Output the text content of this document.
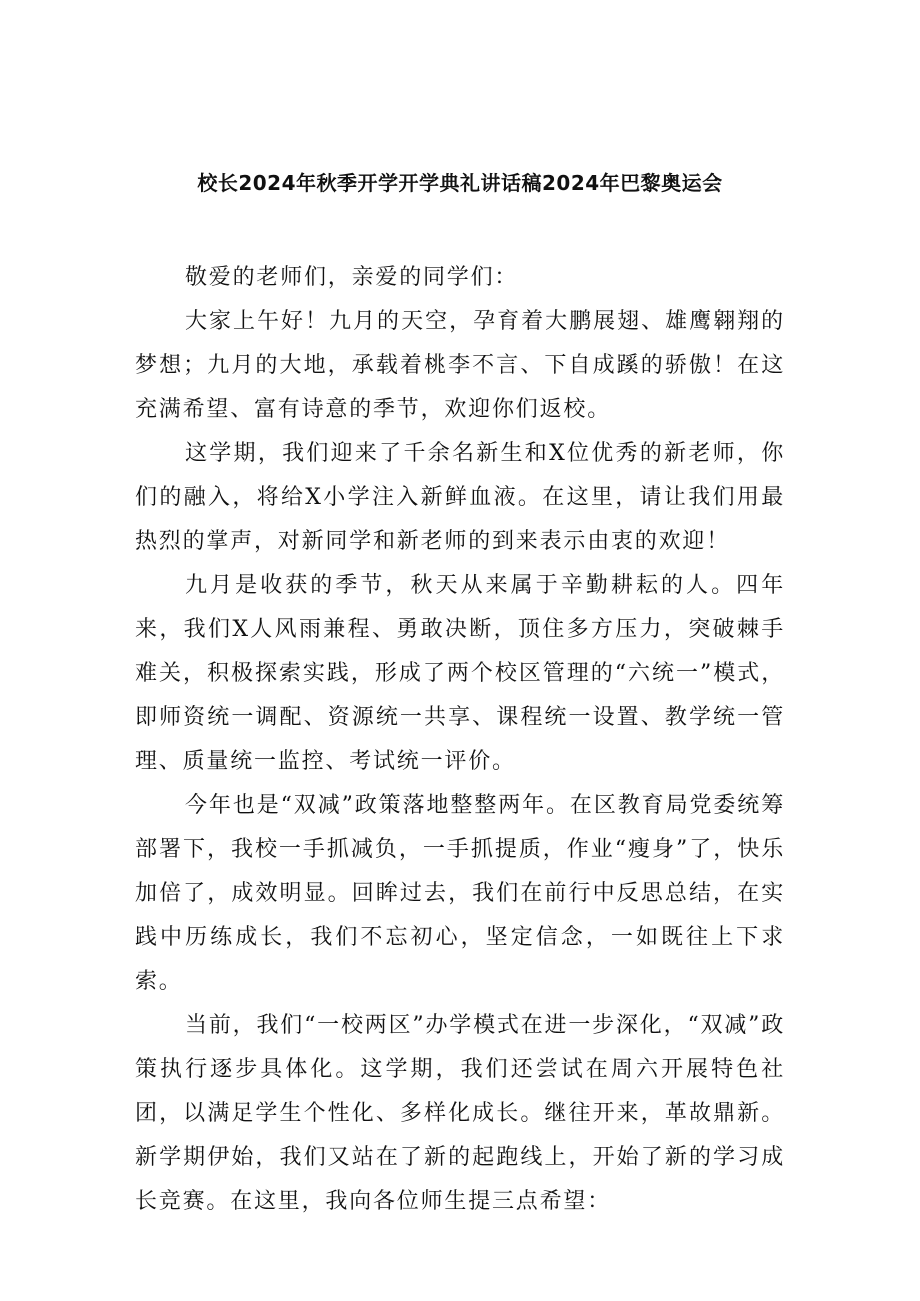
校长2024年秋季开学开学典礼讲话稿2024年巴黎奥运会

敬爱的老师们，亲爱的同学们：

大家上午好！九月的天空，孕育着大鹏展翅、雄鹰翱翔的梦想；九月的大地，承载着桃李不言、下自成蹊的骄傲！在这充满希望、富有诗意的季节，欢迎你们返校。

这学期，我们迎来了千余名新生和X位优秀的新老师，你们的融入，将给X小学注入新鲜血液。在这里，请让我们用最热烈的掌声，对新同学和新老师的到来表示由衷的欢迎！

九月是收获的季节，秋天从来属于辛勤耕耘的人。四年来，我们X人风雨兼程、勇敢决断，顶住多方压力，突破棘手难关，积极探索实践，形成了两个校区管理的“六统一”模式，即师资统一调配、资源统一共享、课程统一设置、教学统一管理、质量统一监控、考试统一评价。

今年也是“双减”政策落地整整两年。在区教育局党委统筹部署下，我校一手抓减负，一手抓提质，作业“瘦身”了，快乐加倍了，成效明显。回眸过去，我们在前行中反思总结，在实践中历练成长，我们不忘初心，坚定信念，一如既往上下求索。

当前，我们“一校两区”办学模式在进一步深化，“双减”政策执行逐步具体化。这学期，我们还尝试在周六开展特色社团，以满足学生个性化、多样化成长。继往开来，革故鼎新。新学期伊始，我们又站在了新的起跑线上，开始了新的学习成长竞赛。在这里，我向各位师生提三点希望：
